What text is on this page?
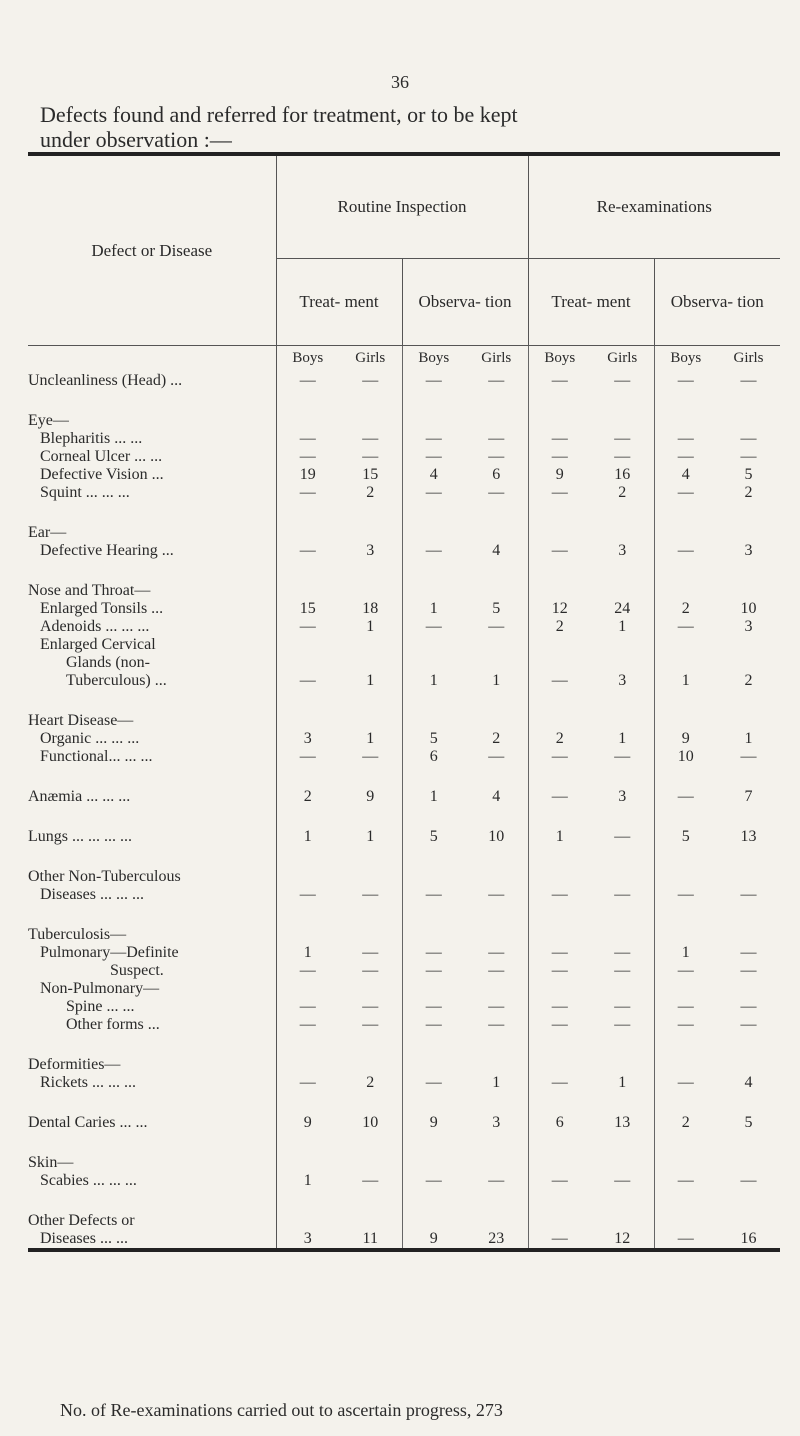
36
Defects found and referred for treatment, or to be kept
under observation :—

Defect or Disease	Routine Inspection				Re-examinations			
	Treat- ment		Observa- tion		Treat- ment		Observa- tion	
	Boys	Girls	Boys	Girls	Boys	Girls	Boys	Girls
Uncleanliness (Head) ...	—	—	—	—	—	—	—	—

Eye—								
Blepharitis ... ...	—	—	—	—	—	—	—	—
Corneal Ulcer ... ...	—	—	—	—	—	—	—	—
Defective Vision ...	19	15	4	6	9	16	4	5
Squint ... ... ...	—	2	—	—	—	2	—	2

Ear—								
Defective Hearing ...	—	3	—	4	—	3	—	3

Nose and Throat—								
Enlarged Tonsils ...	15	18	1	5	12	24	2	10
Adenoids ... ... ...	—	1	—	—	2	1	—	3
Enlarged Cervical								
Glands (non-								
Tuberculous) ...	—	1	1	1	—	3	1	2

Heart Disease—								
Organic ... ... ...	3	1	5	2	2	1	9	1
Functional... ... ...	—	—	6	—	—	—	10	—

Anæmia ... ... ...	2	9	1	4	—	3	—	7

Lungs ... ... ... ...	1	1	5	10	1	—	5	13

Other Non-Tuberculous								
Diseases ... ... ...	—	—	—	—	—	—	—	—

Tuberculosis—								
Pulmonary—Definite	1	—	—	—	—	—	1	—
Suspect.	—	—	—	—	—	—	—	—
Non-Pulmonary—								
Spine ... ...	—	—	—	—	—	—	—	—
Other forms ...	—	—	—	—	—	—	—	—

Deformities—								
Rickets ... ... ...	—	2	—	1	—	1	—	4

Dental Caries ... ...	9	10	9	3	6	13	2	5

Skin—								
Scabies ... ... ...	1	—	—	—	—	—	—	—

Other Defects or								
Diseases ... ...	3	11	9	23	—	12	—	16
No. of Re-examinations carried out to ascertain progress, 273
